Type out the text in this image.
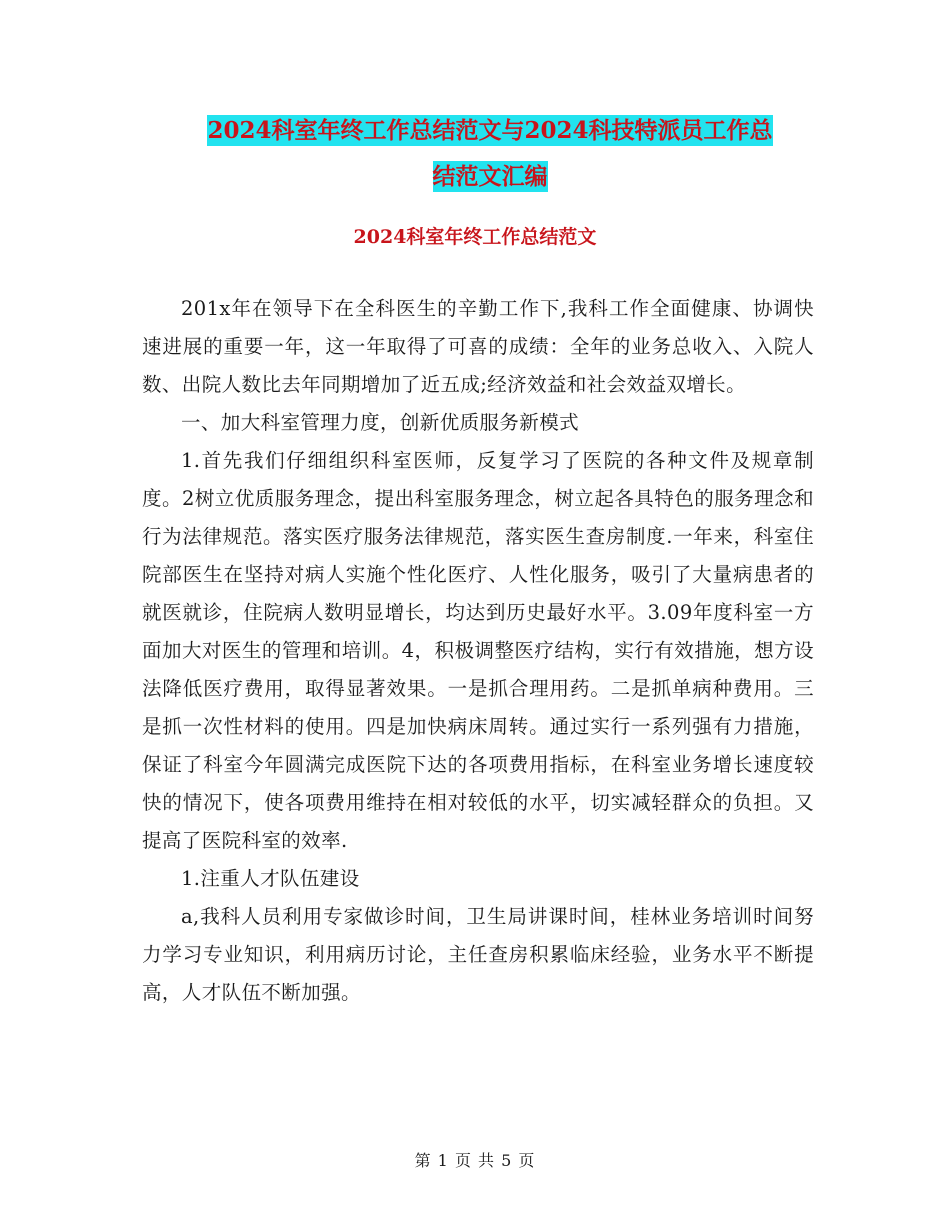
2024科室年终工作总结范文与2024科技特派员工作总
结范文汇编
2024科室年终工作总结范文

201x年在领导下在全科医生的辛勤工作下,我科工作全面健康、协调快速进展的重要一年，这一年取得了可喜的成绩：全年的业务总收入、入院人数、出院人数比去年同期增加了近五成;经济效益和社会效益双增长。

一、加大科室管理力度，创新优质服务新模式

1.首先我们仔细组织科室医师，反复学习了医院的各种文件及规章制度。2树立优质服务理念，提出科室服务理念，树立起各具特色的服务理念和行为法律规范。落实医疗服务法律规范，落实医生查房制度.一年来，科室住院部医生在坚持对病人实施个性化医疗、人性化服务，吸引了大量病患者的就医就诊，住院病人数明显增长，均达到历史最好水平。3.09年度科室一方面加大对医生的管理和培训。4，积极调整医疗结构，实行有效措施，想方设法降低医疗费用，取得显著效果。一是抓合理用药。二是抓单病种费用。三是抓一次性材料的使用。四是加快病床周转。通过实行一系列强有力措施，保证了科室今年圆满完成医院下达的各项费用指标，在科室业务增长速度较快的情况下，使各项费用维持在相对较低的水平，切实减轻群众的负担。又提高了医院科室的效率.

1.注重人才队伍建设

a,我科人员利用专家做诊时间，卫生局讲课时间，桂林业务培训时间努力学习专业知识，利用病历讨论，主任查房积累临床经验，业务水平不断提高，人才队伍不断加强。

第 1 页 共 5 页
